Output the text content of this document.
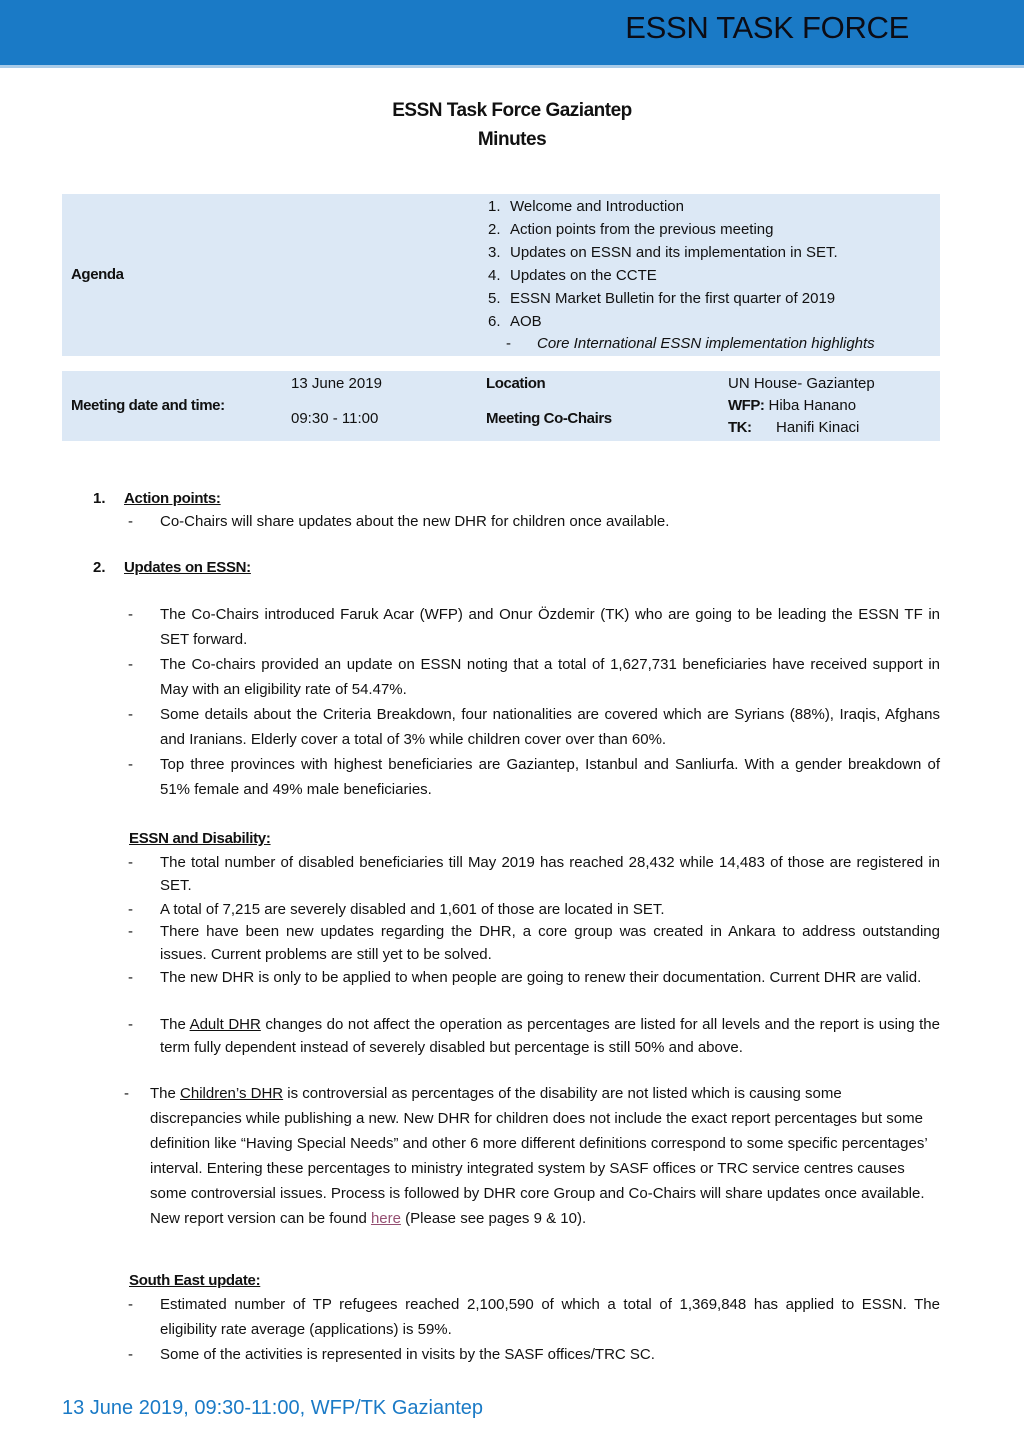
ESSN TASK FORCE
ESSN Task Force Gaziantep
Minutes
Agenda
1. Welcome and Introduction
2. Action points from the previous meeting
3. Updates on ESSN and its implementation in SET.
4. Updates on the CCTE
5. ESSN Market Bulletin for the first quarter of 2019
6. AOB
- Core International ESSN implementation highlights
Meeting date and time:
13 June 2019
09:30 - 11:00
Location
Meeting Co-Chairs
UN House- Gaziantep
WFP: Hiba Hanano
TK: Hanifi Kinaci
1. Action points:
- Co-Chairs will share updates about the new DHR for children once available.
2. Updates on ESSN:
- The Co-Chairs introduced Faruk Acar (WFP) and Onur Özdemir (TK) who are going to be leading the ESSN TF in SET forward.
- The Co-chairs provided an update on ESSN noting that a total of 1,627,731 beneficiaries have received support in May with an eligibility rate of 54.47%.
- Some details about the Criteria Breakdown, four nationalities are covered which are Syrians (88%), Iraqis, Afghans and Iranians. Elderly cover a total of 3% while children cover over than 60%.
- Top three provinces with highest beneficiaries are Gaziantep, Istanbul and Sanliurfa. With a gender breakdown of 51% female and 49% male beneficiaries.
ESSN and Disability:
- The total number of disabled beneficiaries till May 2019 has reached 28,432 while 14,483 of those are registered in SET.
- A total of 7,215 are severely disabled and 1,601 of those are located in SET.
- There have been new updates regarding the DHR, a core group was created in Ankara to address outstanding issues. Current problems are still yet to be solved.
- The new DHR is only to be applied to when people are going to renew their documentation. Current DHR are valid.
- The Adult DHR changes do not affect the operation as percentages are listed for all levels and the report is using the term fully dependent instead of severely disabled but percentage is still 50% and above.
- The Children’s DHR is controversial as percentages of the disability are not listed which is causing some discrepancies while publishing a new. New DHR for children does not include the exact report percentages but some definition like “Having Special Needs” and other 6 more different definitions correspond to some specific percentages’ interval. Entering these percentages to ministry integrated system by SASF offices or TRC service centres causes some controversial issues. Process is followed by DHR core Group and Co-Chairs will share updates once available. New report version can be found here (Please see pages 9 & 10).
South East update:
- Estimated number of TP refugees reached 2,100,590 of which a total of 1,369,848 has applied to ESSN. The eligibility rate average (applications) is 59%.
- Some of the activities is represented in visits by the SASF offices/TRC SC.
13 June 2019, 09:30-11:00, WFP/TK Gaziantep
